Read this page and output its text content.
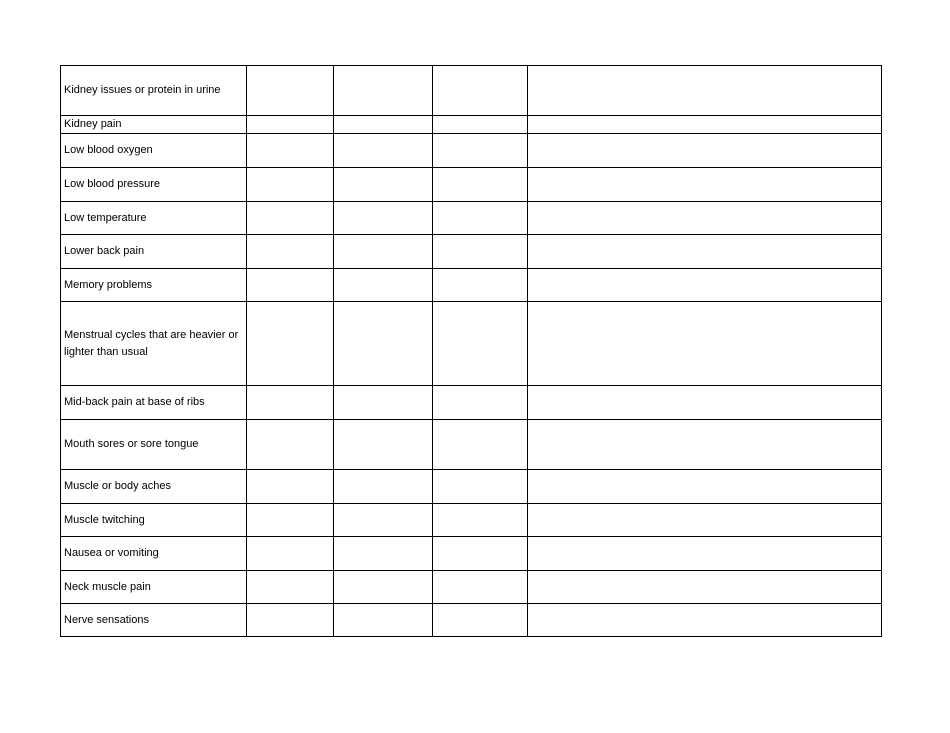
Kidney issues or protein in urine				
Kidney pain				
Low blood oxygen				
Low blood pressure				
Low temperature				
Lower back pain				
Memory problems				
Menstrual cycles that are heavier or lighter than usual				
Mid-back pain at base of ribs				
Mouth sores or sore tongue				
Muscle or body aches				
Muscle twitching				
Nausea or vomiting				
Neck muscle pain				
Nerve sensations				
